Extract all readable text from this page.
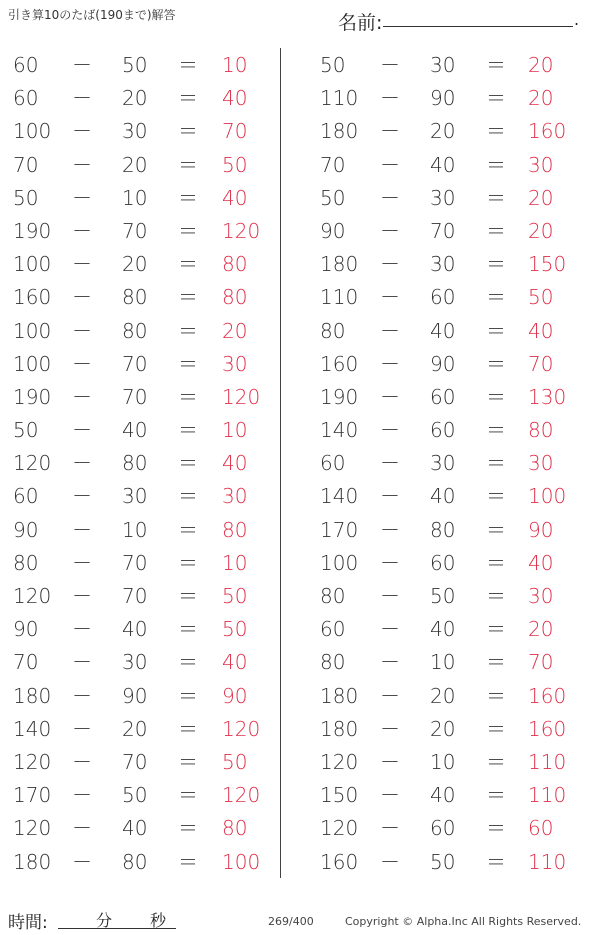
引き算10のたば(190まで)解答	名前:	.
60 － 50 ＝ 10
60 － 20 ＝ 40
100 － 30 ＝ 70
70 － 20 ＝ 50
50 － 10 ＝ 40
190 － 70 ＝ 120
100 － 20 ＝ 80
160 － 80 ＝ 80
100 － 80 ＝ 20
100 － 70 ＝ 30
190 － 70 ＝ 120
50 － 40 ＝ 10
120 － 80 ＝ 40
60 － 30 ＝ 30
90 － 10 ＝ 80
80 － 70 ＝ 10
120 － 70 ＝ 50
90 － 40 ＝ 50
70 － 30 ＝ 40
180 － 90 ＝ 90
140 － 20 ＝ 120
120 － 70 ＝ 50
170 － 50 ＝ 120
120 － 40 ＝ 80
180 － 80 ＝ 100
50 － 30 ＝ 20
110 － 90 ＝ 20
180 － 20 ＝ 160
70 － 40 ＝ 30
50 － 30 ＝ 20
90 － 70 ＝ 20
180 － 30 ＝ 150
110 － 60 ＝ 50
80 － 40 ＝ 40
160 － 90 ＝ 70
190 － 60 ＝ 130
140 － 60 ＝ 80
60 － 30 ＝ 30
140 － 40 ＝ 100
170 － 80 ＝ 90
100 － 60 ＝ 40
80 － 50 ＝ 30
60 － 40 ＝ 20
80 － 10 ＝ 70
180 － 20 ＝ 160
180 － 20 ＝ 160
120 － 10 ＝ 110
150 － 40 ＝ 110
120 － 60 ＝ 60
160 － 50 ＝ 110
時間:	分 秒	269/400	Copyright © Alpha.Inc All Rights Reserved.
